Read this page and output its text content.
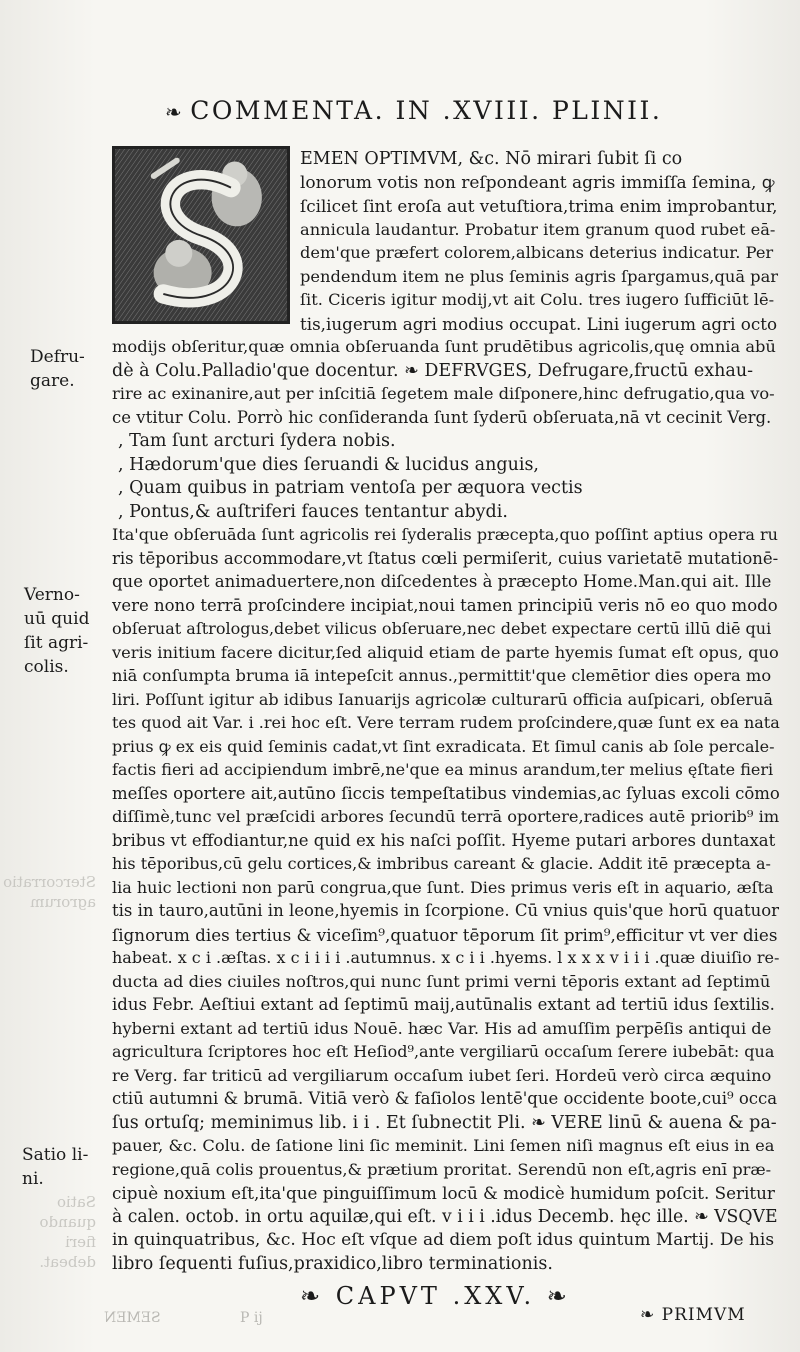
❧ COMMENTA. IN .XVIII. PLINII.
EMEN OPTIMVM, &c. Nō mirari ſubit ſi co
lonorum votis non reſpondeant agris immiſſa ſemina, ꝙ
ſcilicet ſint eroſa aut vetuſtiora,trima enim improbantur,
annicula laudantur. Probatur item granum quod rubet eā-
dem'que præfert colorem,albicans deterius indicatur. Per
pendendum item ne plus ſeminis agris ſpargamus,quā par
ſit. Ciceris igitur modij,vt ait Colu. tres iugero ſufficiūt lē-
tis,iugerum agri modius occupat. Lini iugerum agri octo
modijs obſeritur,quæ omnia obſeruanda ſunt prudētibus agricolis,quę omnia abū
dè à Colu.Palladio'que docentur. ❧ DEFRVGES, Defrugare,fructū exhau-
rire ac exinanire,aut per inſcitiā ſegetem male diſponere,hinc defrugatio,qua vo-
ce vtitur Colu. Porrò hic conſideranda ſunt ſyderū obſeruata,nā vt cecinit Verg.
, Tam ſunt arcturi ſydera nobis.
, Hædorum'que dies ſeruandi & lucidus anguis,
, Quam quibus in patriam ventoſa per æquora vectis
, Pontus,& auſtriferi fauces tentantur abydi.
Ita'que obſeruāda ſunt agricolis rei ſyderalis præcepta,quo poſſint aptius opera ru
ris tēporibus accommodare,vt ſtatus cœli permiſerit, cuius varietatē mutationē-
que oportet animaduertere,non diſcedentes à præcepto Home.Man.qui ait. Ille
vere nono terrā proſcindere incipiat,noui tamen principiū veris nō eo quo modo
obſeruat aſtrologus,debet vilicus obſeruare,nec debet expectare certū illū diē qui
veris initium facere dicitur,ſed aliquid etiam de parte hyemis ſumat eſt opus, quo
niā conſumpta bruma iā intepeſcit annus.,permittit'que clemētior dies opera mo
liri. Poſſunt igitur ab idibus Ianuarijs agricolæ culturarū officia auſpicari, obſeruā
tes quod ait Var. i .rei hoc eſt. Vere terram rudem proſcindere,quæ ſunt ex ea nata
prius ꝙ ex eis quid ſeminis cadat,vt ſint exradicata. Et ſimul canis ab ſole percale-
factis fieri ad accipiendum imbrē,ne'que ea minus arandum,ter melius ęſtate fieri
meſſes oportere ait,autūno ſiccis tempeſtatibus vindemias,ac ſyluas excoli cōmo
diſſimè,tunc vel præſcidi arbores ſecundū terrā oportere,radices autē priorib⁹ im
bribus vt effodiantur,ne quid ex his naſci poſſit. Hyeme putari arbores duntaxat
his tēporibus,cū gelu cortices,& imbribus careant & glacie. Addit itē præcepta a-
lia huic lectioni non parū congrua,que ſunt. Dies primus veris eſt in aquario, æſta
tis in tauro,autūni in leone,hyemis in ſcorpione. Cū vnius quis'que horū quatuor
ſignorum dies tertius & viceſim⁹,quatuor tēporum ſit prim⁹,efficitur vt ver dies
habeat. x c i .æſtas. x c i i i i .autumnus. x c i i .hyems. l x x x v i i i .quæ diuiſio re-
ducta ad dies ciuiles noſtros,qui nunc ſunt primi verni tēporis extant ad ſeptimū
idus Febr. Aeſtiui extant ad ſeptimū maij,autūnalis extant ad tertiū idus ſextilis.
hyberni extant ad tertiū idus Nouē. hæc Var. His ad amuſſim perpēſis antiqui de
agricultura ſcriptores hoc eſt Heſiod⁹,ante vergiliarū occaſum ſerere iubebāt: qua
re Verg. far triticū ad vergiliarum occaſum iubet ſeri. Hordeū verò circa æquino
ctiū autumni & brumā. Vitiā verò & faſiolos lentē'que occidente boote,cui⁹ occa
ſus ortuſq; meminimus lib. i i . Et ſubnectit Pli. ❧ VERE linū & auena & pa-
pauer, &c. Colu. de ſatione lini ſic meminit. Lini ſemen niſi magnus eſt eius in ea
regione,quā colis prouentus,& prætium proritat. Serendū non eſt,agris enī præ-
cipuè noxium eſt,ita'que pinguiſſimum locū & modicè humidum poſcit. Seritur
à calen. octob. in ortu aquilæ,qui eſt. v i i i .idus Decemb. hęc ille. ❧ VSQVE
in quinquatribus, &c. Hoc eſt vſque ad diem poſt idus quintum Martij. De his
libro ſequenti fuſius,praxidico,libro terminationis.
Defru-
gare.
Verno-
uū quid
ſit agri-
colis.
Satio li-
ni.
Stercorratio agrorum
Satio quando fieri debeat.
❧ CAPVT .XXV. ❧
❧ PRIMVM
SEMEN	P ij
